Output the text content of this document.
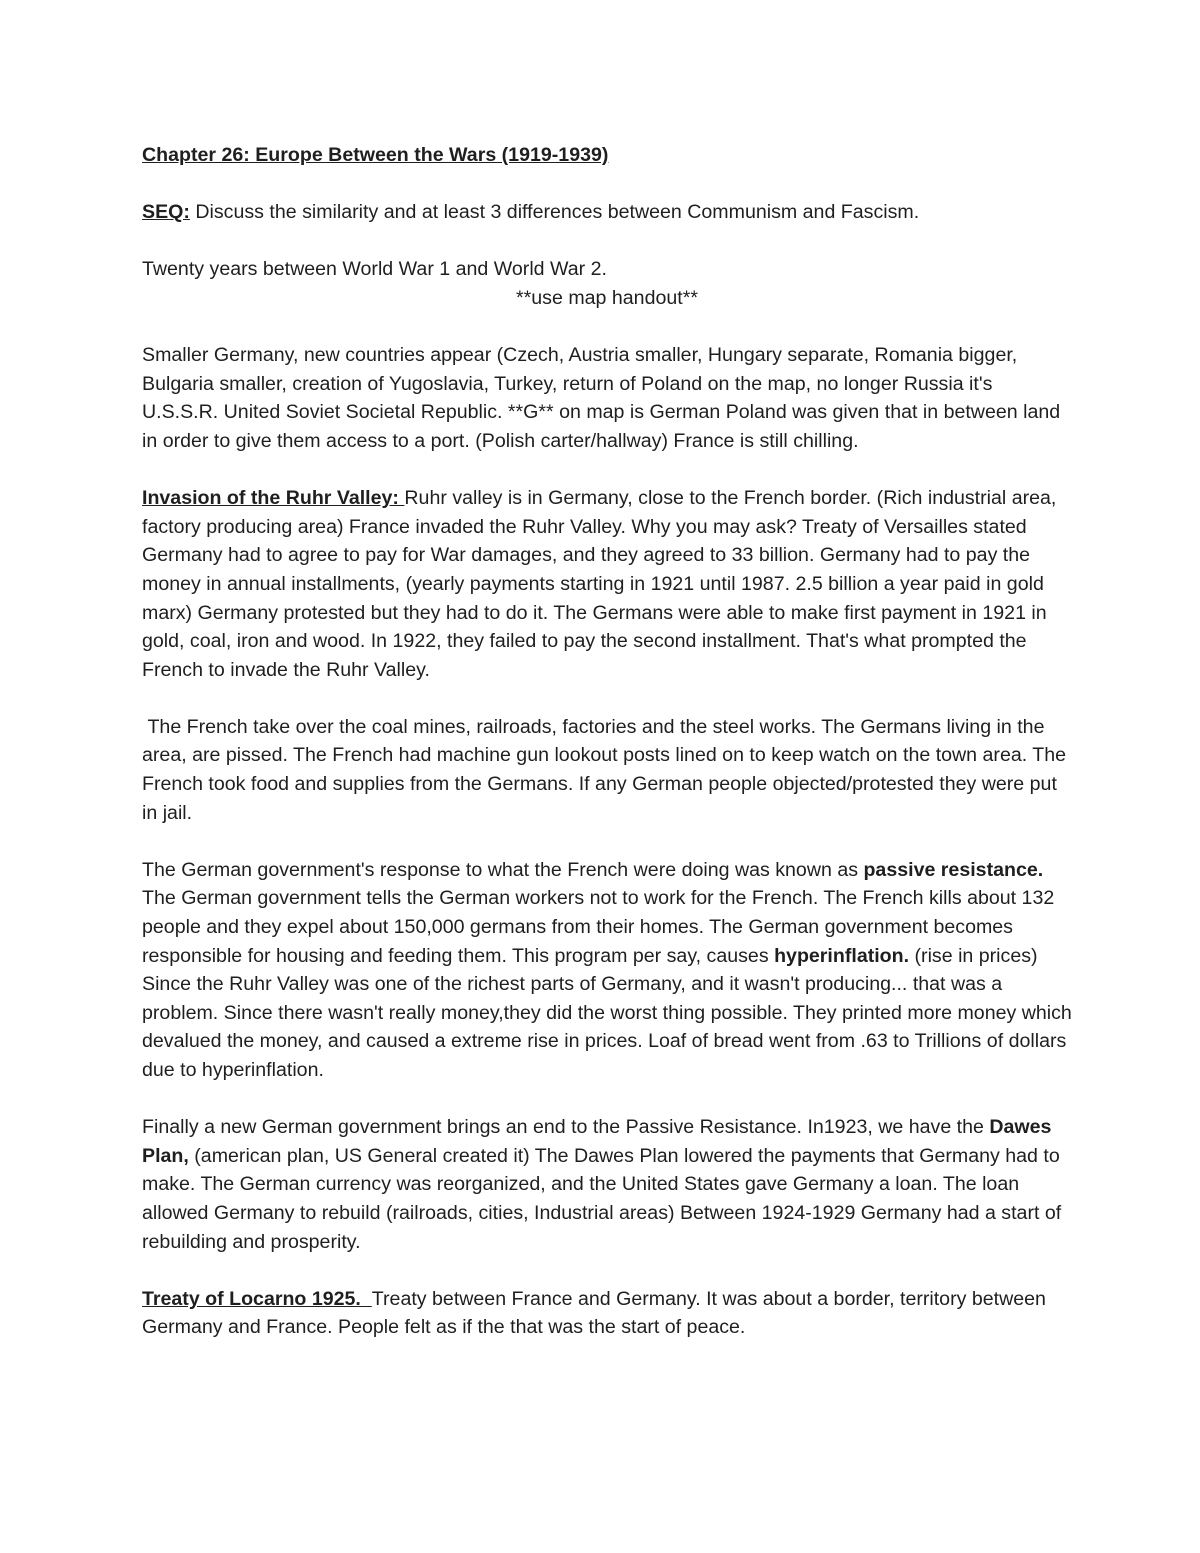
Chapter 26: Europe Between the Wars (1919-1939)

SEQ: Discuss the similarity and at least 3 differences between Communism and Fascism.

Twenty years between World War 1 and World War 2.

**use map handout**

Smaller Germany, new countries appear (Czech, Austria smaller, Hungary separate, Romania bigger, Bulgaria smaller, creation of Yugoslavia, Turkey, return of Poland on the map, no longer Russia it's U.S.S.R. United Soviet Societal Republic. **G** on map is German Poland was given that in between land in order to give them access to a port. (Polish carter/hallway) France is still chilling.

Invasion of the Ruhr Valley: Ruhr valley is in Germany, close to the French border. (Rich industrial area, factory producing area) France invaded the Ruhr Valley. Why you may ask? Treaty of Versailles stated Germany had to agree to pay for War damages, and they agreed to 33 billion. Germany had to pay the money in annual installments, (yearly payments starting in 1921 until 1987. 2.5 billion a year paid in gold marx) Germany protested but they had to do it. The Germans were able to make first payment in 1921 in gold, coal, iron and wood. In 1922, they failed to pay the second installment. That's what prompted the French to invade the Ruhr Valley.

The French take over the coal mines, railroads, factories and the steel works. The Germans living in the area, are pissed. The French had machine gun lookout posts lined on to keep watch on the town area. The French took food and supplies from the Germans. If any German people objected/protested they were put in jail.

The German government's response to what the French were doing was known as passive resistance. The German government tells the German workers not to work for the French. The French kills about 132 people and they expel about 150,000 germans from their homes. The German government becomes responsible for housing and feeding them. This program per say, causes hyperinflation. (rise in prices) Since the Ruhr Valley was one of the richest parts of Germany, and it wasn't producing... that was a problem. Since there wasn't really money,they did the worst thing possible. They printed more money which devalued the money, and caused a extreme rise in prices. Loaf of bread went from .63 to Trillions of dollars due to hyperinflation.

Finally a new German government brings an end to the Passive Resistance. In1923, we have the Dawes Plan, (american plan, US General created it) The Dawes Plan lowered the payments that Germany had to make. The German currency was reorganized, and the United States gave Germany a loan. The loan allowed Germany to rebuild (railroads, cities, Industrial areas) Between 1924-1929 Germany had a start of rebuilding and prosperity.

Treaty of Locarno 1925.  Treaty between France and Germany. It was about a border, territory between Germany and France. People felt as if the that was the start of peace.
